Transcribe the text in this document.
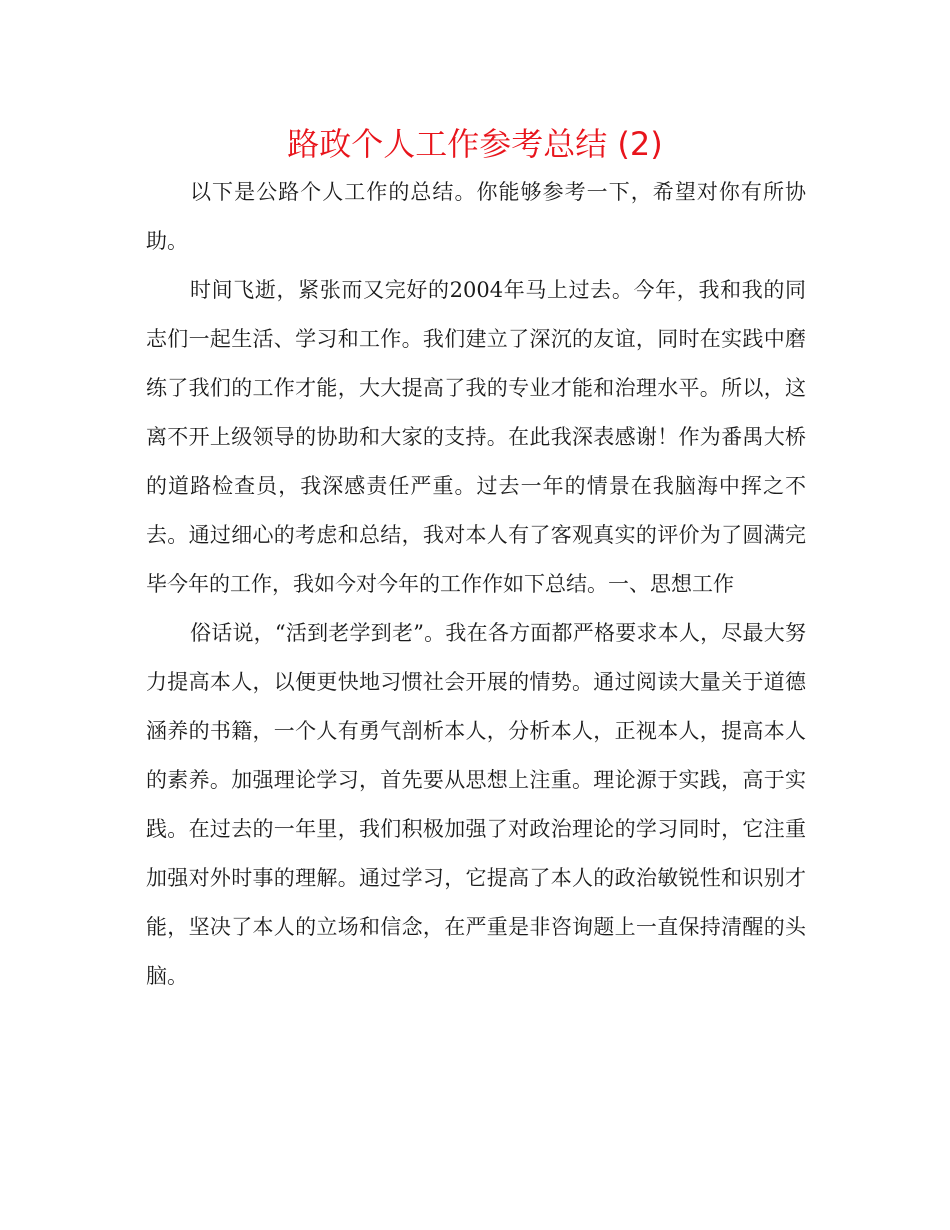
路政个人工作参考总结 (2)

以下是公路个人工作的总结。你能够参考一下，希望对你有所协助。

时间飞逝，紧张而又完好的2004年马上过去。今年，我和我的同志们一起生活、学习和工作。我们建立了深沉的友谊，同时在实践中磨练了我们的工作才能，大大提高了我的专业才能和治理水平。所以，这离不开上级领导的协助和大家的支持。在此我深表感谢！作为番禺大桥的道路检查员，我深感责任严重。过去一年的情景在我脑海中挥之不去。通过细心的考虑和总结，我对本人有了客观真实的评价为了圆满完毕今年的工作，我如今对今年的工作作如下总结。一、思想工作

俗话说，“活到老学到老”。我在各方面都严格要求本人，尽最大努力提高本人，以便更快地习惯社会开展的情势。通过阅读大量关于道德涵养的书籍，一个人有勇气剖析本人，分析本人，正视本人，提高本人的素养。加强理论学习，首先要从思想上注重。理论源于实践，高于实践。在过去的一年里，我们积极加强了对政治理论的学习同时，它注重加强对外时事的理解。通过学习，它提高了本人的政治敏锐性和识别才能，坚决了本人的立场和信念，在严重是非咨询题上一直保持清醒的头脑。
